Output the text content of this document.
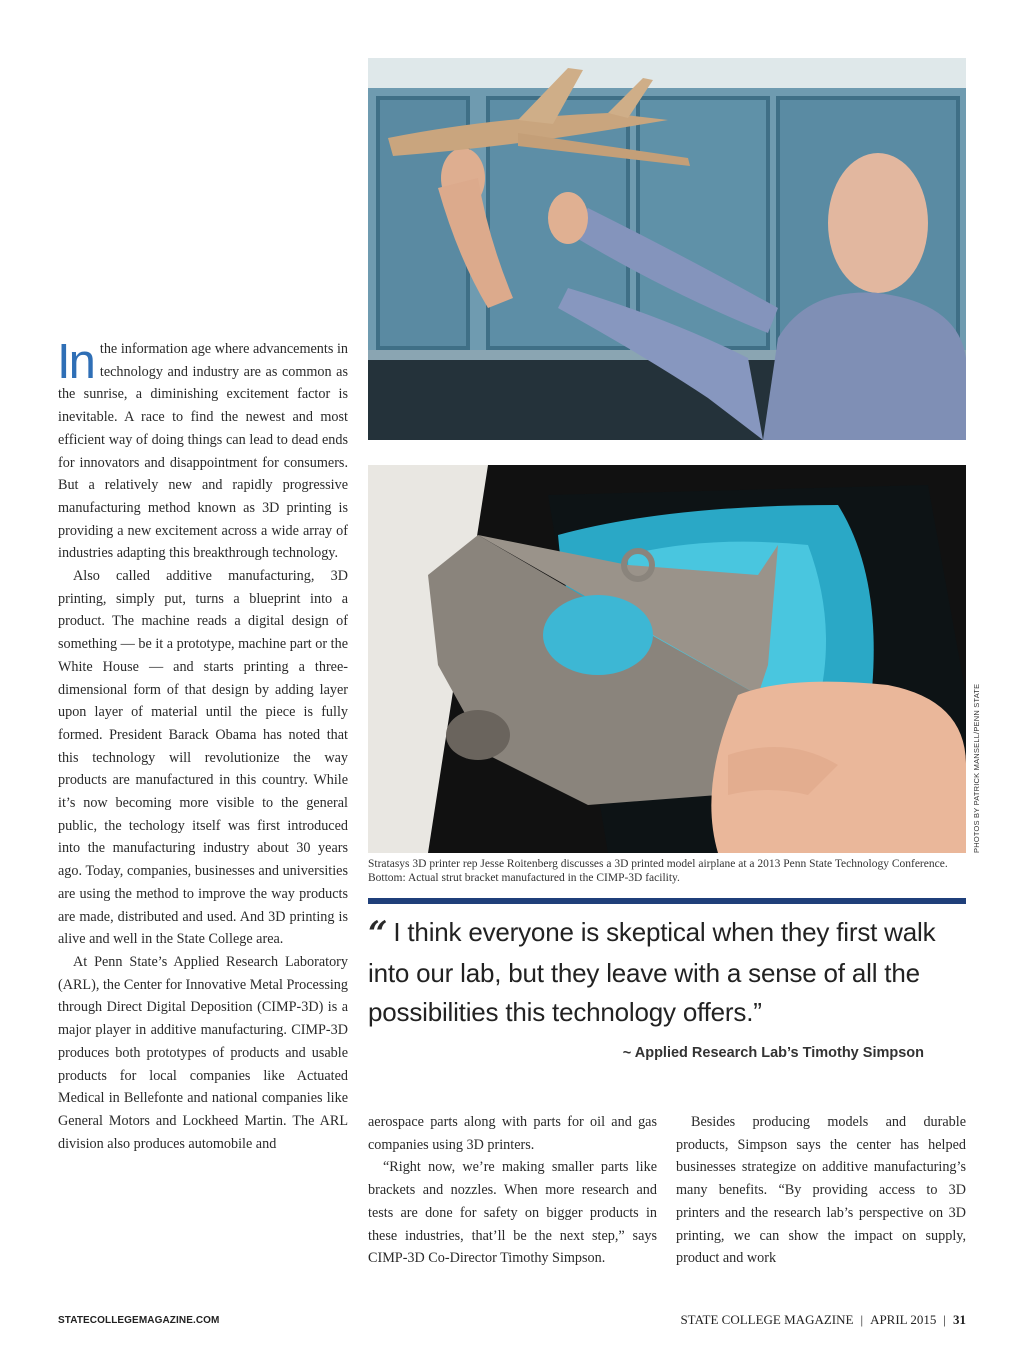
In the information age where advancements in technology and industry are as common as the sunrise, a diminishing excitement factor is inevitable. A race to find the newest and most efficient way of doing things can lead to dead ends for innovators and disappointment for consumers. But a relatively new and rapidly progressive manufacturing method known as 3D printing is providing a new excitement across a wide array of industries adapting this breakthrough technology.

Also called additive manufacturing, 3D printing, simply put, turns a blueprint into a product. The machine reads a digital design of something — be it a prototype, machine part or the White House — and starts printing a three-dimensional form of that design by adding layer upon layer of material until the piece is fully formed. President Barack Obama has noted that this technology will revolutionize the way products are manufactured in this country. While it’s now becoming more visible to the general public, the techology itself was first introduced into the manufacturing industry about 30 years ago. Today, companies, businesses and universities are using the method to improve the way products are made, distributed and used. And 3D printing is alive and well in the State College area.

At Penn State’s Applied Research Laboratory (ARL), the Center for Innovative Metal Processing through Direct Digital Deposition (CIMP-3D) is a major player in additive manufacturing. CIMP-3D produces both prototypes of products and usable products for local companies like Actuated Medical in Bellefonte and national companies like General Motors and Lockheed Martin. The ARL division also produces automobile and

PHOTOS BY PATRICK MANSELL/PENN STATE
Stratasys 3D printer rep Jesse Roitenberg discusses a 3D printed model airplane at a 2013 Penn State Technology Conference. Bottom: Actual strut bracket manufactured in the CIMP-3D facility.
“ I think everyone is skeptical when they first walk into our lab, but they leave with a sense of all the possibilities this technology offers.”
~ Applied Research Lab’s Timothy Simpson

aerospace parts along with parts for oil and gas companies using 3D printers.

“Right now, we’re making smaller parts like brackets and nozzles. When more research and tests are done for safety on bigger products in these industries, that’ll be the next step,” says CIMP-3D Co-Director Timothy Simpson.

Besides producing models and durable products, Simpson says the center has helped businesses strategize on additive manufacturing’s many benefits. “By providing access to 3D printers and the research lab’s perspective on 3D printing, we can show the impact on supply, product and work

STATECOLLEGEMAGAZINE.COM	STATE COLLEGE MAGAZINE | APRIL 2015 | 31
